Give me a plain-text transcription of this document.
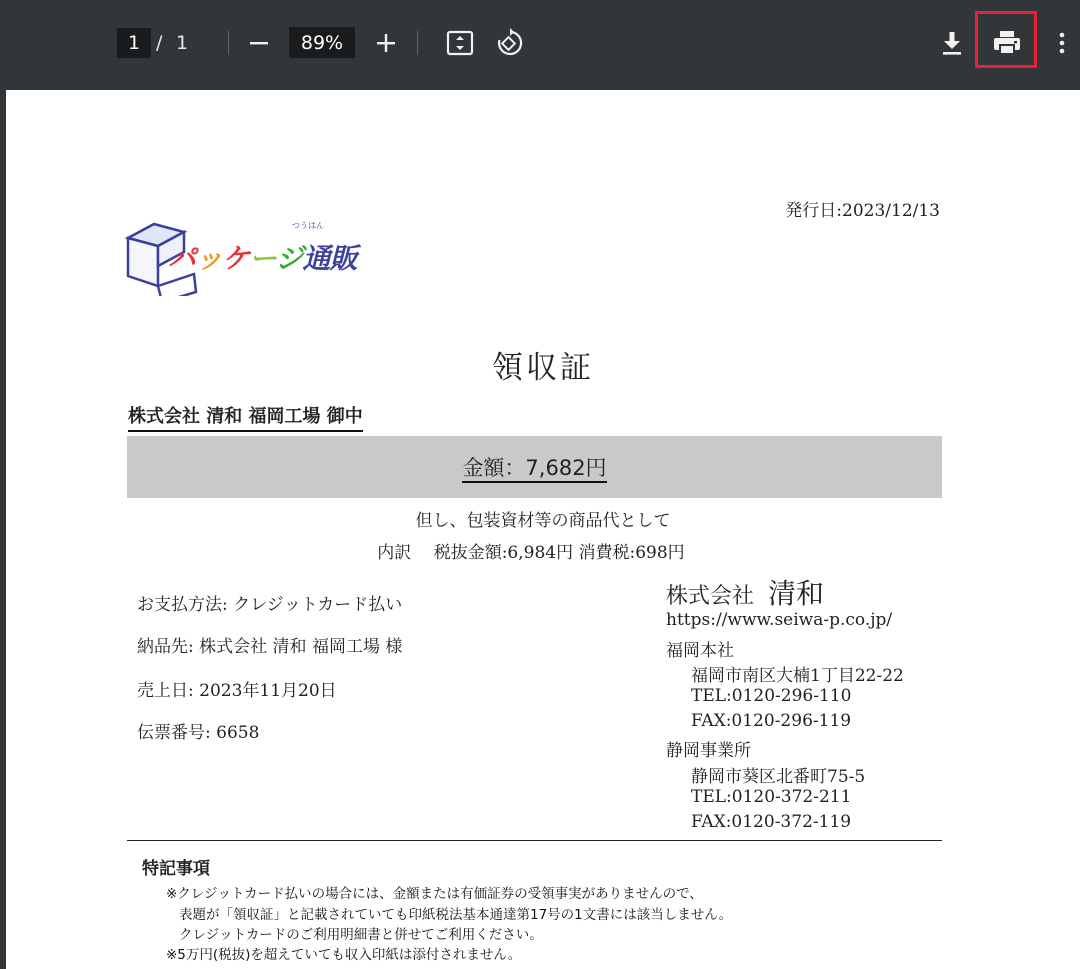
1 / 1	89%
発行日:2023/12/13
つうはん
パッケージ通販
領収証
株式会社 清和 福岡工場 御中
金額：7,682円
但し、包装資材等の商品代として
内訳　 税抜金額:6,984円 消費税:698円
お支払方法: クレジットカード払い
納品先: 株式会社 清和 福岡工場 様
売上日: 2023年11月20日
伝票番号: 6658
株式会社 清和
https://www.seiwa-p.co.jp/
福岡本社
福岡市南区大楠1丁目22-22
TEL:0120-296-110
FAX:0120-296-119
静岡事業所
静岡市葵区北番町75-5
TEL:0120-372-211
FAX:0120-372-119
特記事項
※クレジットカード払いの場合には、金額または有価証券の受領事実がありませんので、
表題が「領収証」と記載されていても印紙税法基本通達第17号の1文書には該当しません。
クレジットカードのご利用明細書と併せてご利用ください。
※5万円(税抜)を超えていても収入印紙は添付されません。
